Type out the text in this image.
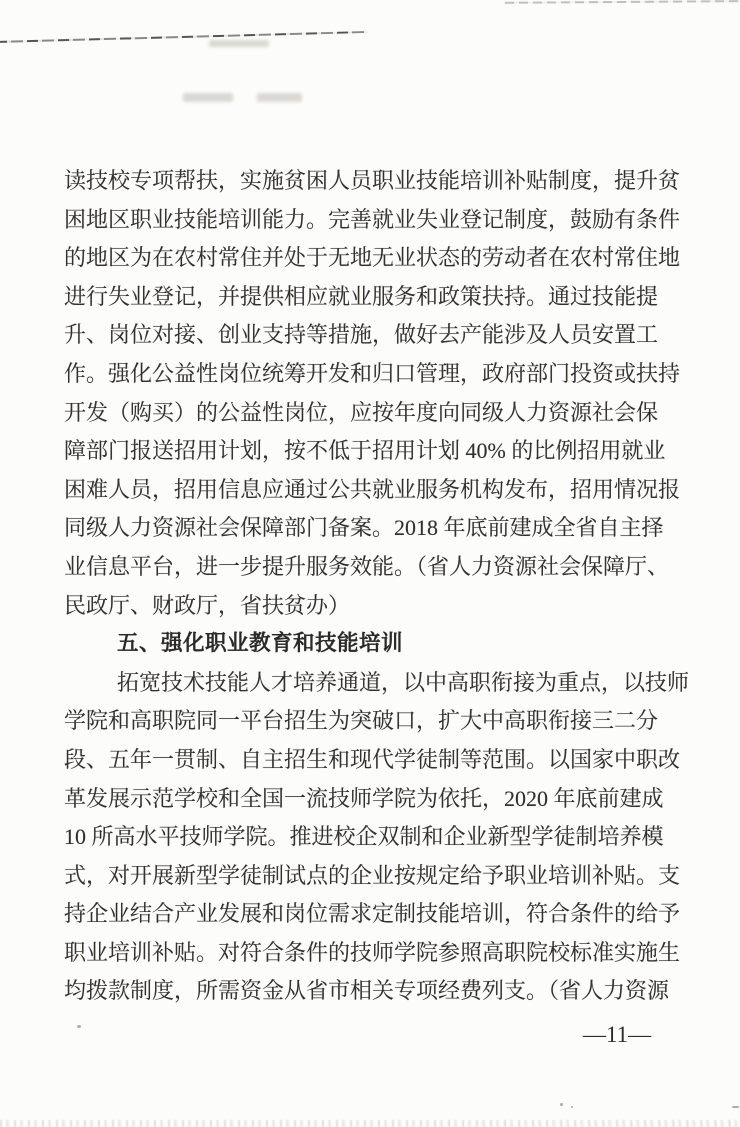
读技校专项帮扶，实施贫困人员职业技能培训补贴制度，提升贫
困地区职业技能培训能力。完善就业失业登记制度，鼓励有条件
的地区为在农村常住并处于无地无业状态的劳动者在农村常住地
进行失业登记，并提供相应就业服务和政策扶持。通过技能提
升、岗位对接、创业支持等措施，做好去产能涉及人员安置工
作。强化公益性岗位统筹开发和归口管理，政府部门投资或扶持
开发（购买）的公益性岗位，应按年度向同级人力资源社会保
障部门报送招用计划，按不低于招用计划 40% 的比例招用就业
困难人员，招用信息应通过公共就业服务机构发布，招用情况报
同级人力资源社会保障部门备案。2018 年底前建成全省自主择
业信息平台，进一步提升服务效能。（省人力资源社会保障厅、
民政厅、财政厅，省扶贫办）
五、强化职业教育和技能培训
拓宽技术技能人才培养通道，以中高职衔接为重点，以技师
学院和高职院同一平台招生为突破口，扩大中高职衔接三二分
段、五年一贯制、自主招生和现代学徒制等范围。以国家中职改
革发展示范学校和全国一流技师学院为依托，2020 年底前建成
10 所高水平技师学院。推进校企双制和企业新型学徒制培养模
式，对开展新型学徒制试点的企业按规定给予职业培训补贴。支
持企业结合产业发展和岗位需求定制技能培训，符合条件的给予
职业培训补贴。对符合条件的技师学院参照高职院校标准实施生
均拨款制度，所需资金从省市相关专项经费列支。（省人力资源
—11—
